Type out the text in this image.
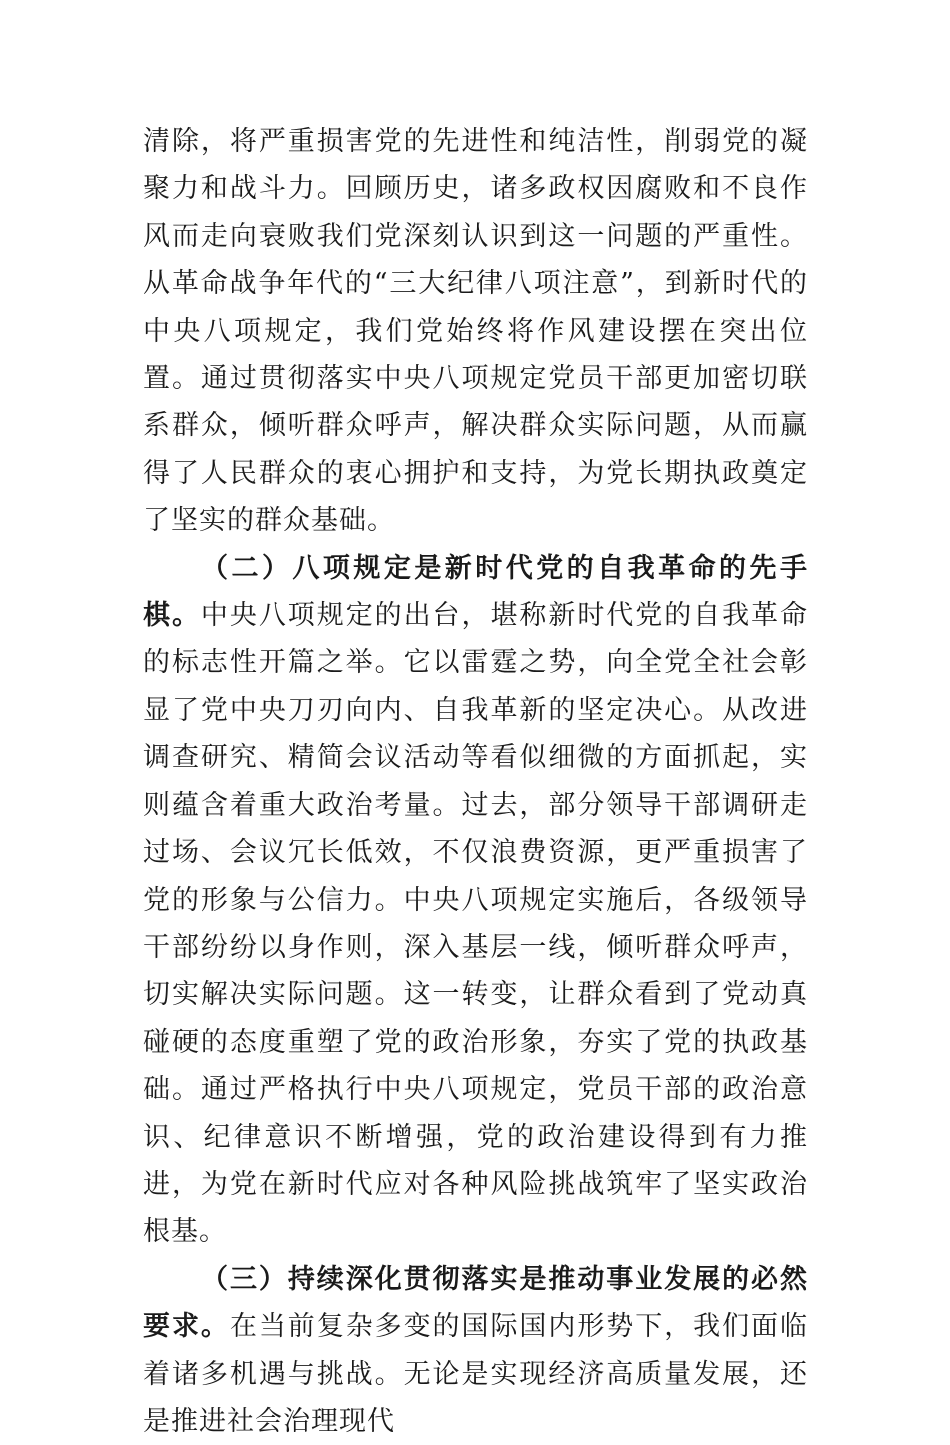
清除，将严重损害党的先进性和纯洁性，削弱党的凝聚力和战斗力。回顾历史，诸多政权因腐败和不良作风而走向衰败我们党深刻认识到这一问题的严重性。从革命战争年代的“三大纪律八项注意”，到新时代的中央八项规定，我们党始终将作风建设摆在突出位置。通过贯彻落实中央八项规定党员干部更加密切联系群众，倾听群众呼声，解决群众实际问题，从而赢得了人民群众的衷心拥护和支持，为党长期执政奠定了坚实的群众基础。

（二）八项规定是新时代党的自我革命的先手棋。中央八项规定的出台，堪称新时代党的自我革命的标志性开篇之举。它以雷霆之势，向全党全社会彰显了党中央刀刃向内、自我革新的坚定决心。从改进调查研究、精简会议活动等看似细微的方面抓起，实则蕴含着重大政治考量。过去，部分领导干部调研走过场、会议冗长低效，不仅浪费资源，更严重损害了党的形象与公信力。中央八项规定实施后，各级领导干部纷纷以身作则，深入基层一线，倾听群众呼声，切实解决实际问题。这一转变，让群众看到了党动真碰硬的态度重塑了党的政治形象，夯实了党的执政基础。通过严格执行中央八项规定，党员干部的政治意识、纪律意识不断增强，党的政治建设得到有力推进，为党在新时代应对各种风险挑战筑牢了坚实政治根基。

（三）持续深化贯彻落实是推动事业发展的必然要求。在当前复杂多变的国际国内形势下，我们面临着诸多机遇与挑战。无论是实现经济高质量发展，还是推进社会治理现代
